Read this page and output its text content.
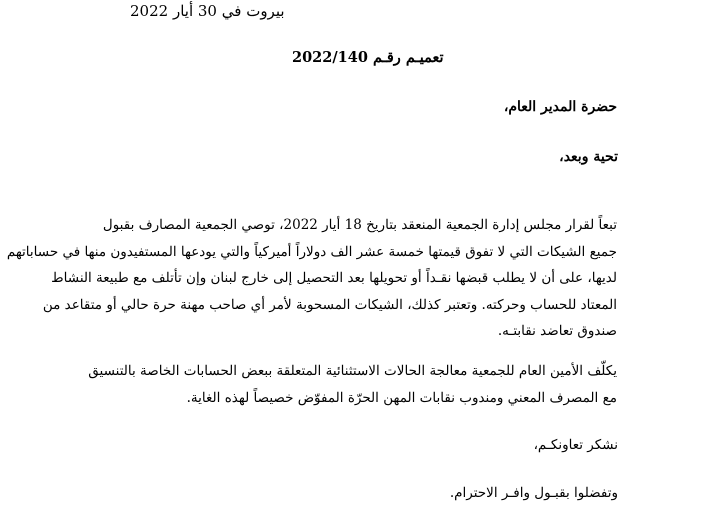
بيروت في 30 أيار 2022
تعميـم رقـم 2022/140
حضرة المدير العام،
تحية وبعد،
تبعاً لقرار مجلس إدارة الجمعية المنعقد بتاريخ 18 أيار 2022، توصي الجمعية المصارف بقبول
جميع الشيكات التي لا تفوق قيمتها خمسة عشر الف دولاراً أميركياً والتي يودعها المستفيدون منها في حساباتهم
لديها، على أن لا يطلب قبضها نقـداً أو تحويلها بعد التحصيل إلى خارج لبنان وإن تأتلف مع طبيعة النشاط
المعتاد للحساب وحركته. وتعتبر كذلك، الشيكات المسحوبة لأمر أي صاحب مهنة حرة حالي أو متقاعد من
صندوق تعاضد نقابتـه.
يكلّف الأمين العام للجمعية معالجة الحالات الاستثنائية المتعلقة ببعض الحسابات الخاصة بالتنسيق
مع المصرف المعني ومندوب نقابات المهن الحرّة المفوّض خصيصاً لهذه الغاية.
نشكر تعاونكـم،
وتفضلوا بقبـول وافـر الاحترام.
